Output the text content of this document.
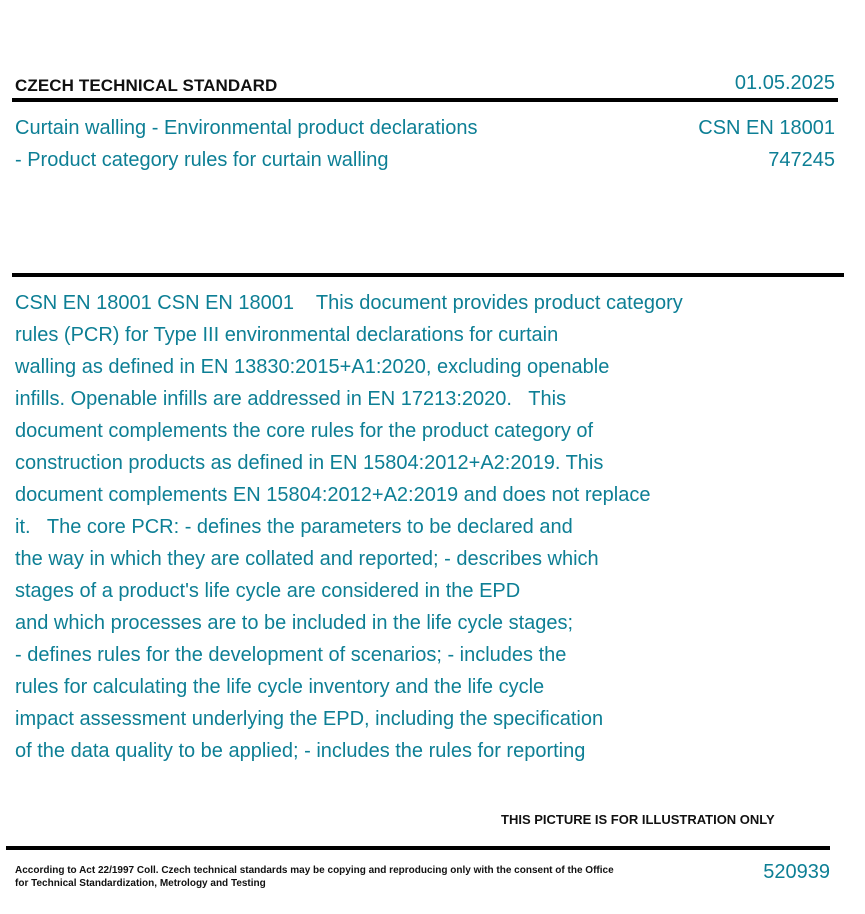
CZECH TECHNICAL STANDARD	01.05.2025
Curtain walling - Environmental product declarations
- Product category rules for curtain walling
CSN EN 18001
747245
CSN EN 18001 CSN EN 18001    This document provides product category
rules (PCR) for Type III environmental declarations for curtain
walling as defined in EN 13830:2015+A1:2020, excluding openable
infills. Openable infills are addressed in EN 17213:2020.   This
document complements the core rules for the product category of
construction products as defined in EN 15804:2012+A2:2019. This
document complements EN 15804:2012+A2:2019 and does not replace
it.   The core PCR: - defines the parameters to be declared and
the way in which they are collated and reported; - describes which
stages of a product's life cycle are considered in the EPD
and which processes are to be included in the life cycle stages;
- defines rules for the development of scenarios; - includes the
rules for calculating the life cycle inventory and the life cycle
impact assessment underlying the EPD, including the specification
of the data quality to be applied; - includes the rules for reporting
THIS PICTURE IS FOR ILLUSTRATION ONLY
According to Act 22/1997 Coll. Czech technical standards may be copying and reproducing only with the consent of the Office
for Technical Standardization, Metrology and Testing
520939
